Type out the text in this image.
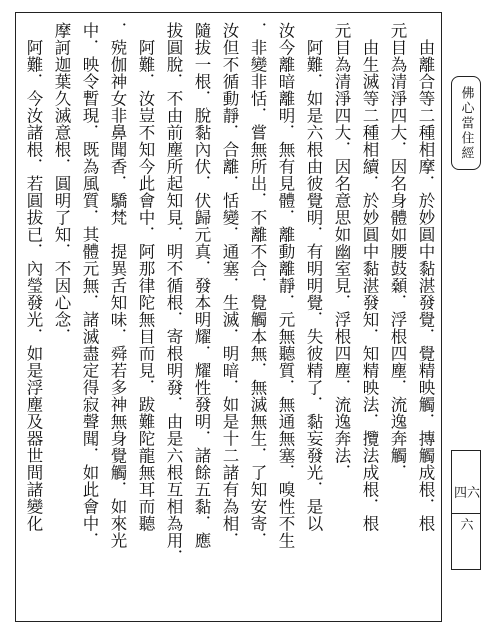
佛心當住經
四六
六
　由離合等二種相摩．於妙圓中黏湛發覺．覺精映觸．摶觸成根．根
元目為清淨四大．因名身體如腰鼓顙．浮根四塵．流逸奔觸．
　由生滅等二種相續．於妙圓中黏湛發知．知精映法．攬法成根．根
元目為清淨四大．因名意思如幽室見．浮根四塵．流逸奔法．
　阿難．如是六根由彼覺明．有明明覺．失彼精了．黏妄發光．是以
汝今離暗離明．無有見體．離動離靜．元無聽質．無通無塞．嗅性不生
．非變非恬．嘗無所出．不離不合．覺觸本無．無滅無生．了知安寄．
汝但不循動靜．合離．恬變．通塞．生滅．明暗．如是十二諸有為相．
隨拔一根．脫黏內伏．伏歸元真．發本明耀．耀性發明．諸餘五黏．應
拔圓脫．不由前塵所起知見．明不循根．寄根明發．由是六根互相為用．
　阿難．汝豈不知今此會中．阿那律陀無目而見．跋難陀龍無耳而聽
．殑伽神女非鼻聞香．驕梵　提異舌知味．舜若多神無身覺觸．如來光
中．映令暫現．既為風質．其體元無．諸滅盡定得寂聲聞．如此會中．
摩訶迦葉久滅意根．圓明了知．不因心念．
　阿難．今汝諸根．若圓拔已．內瑩發光．如是浮塵及器世間諸變化
